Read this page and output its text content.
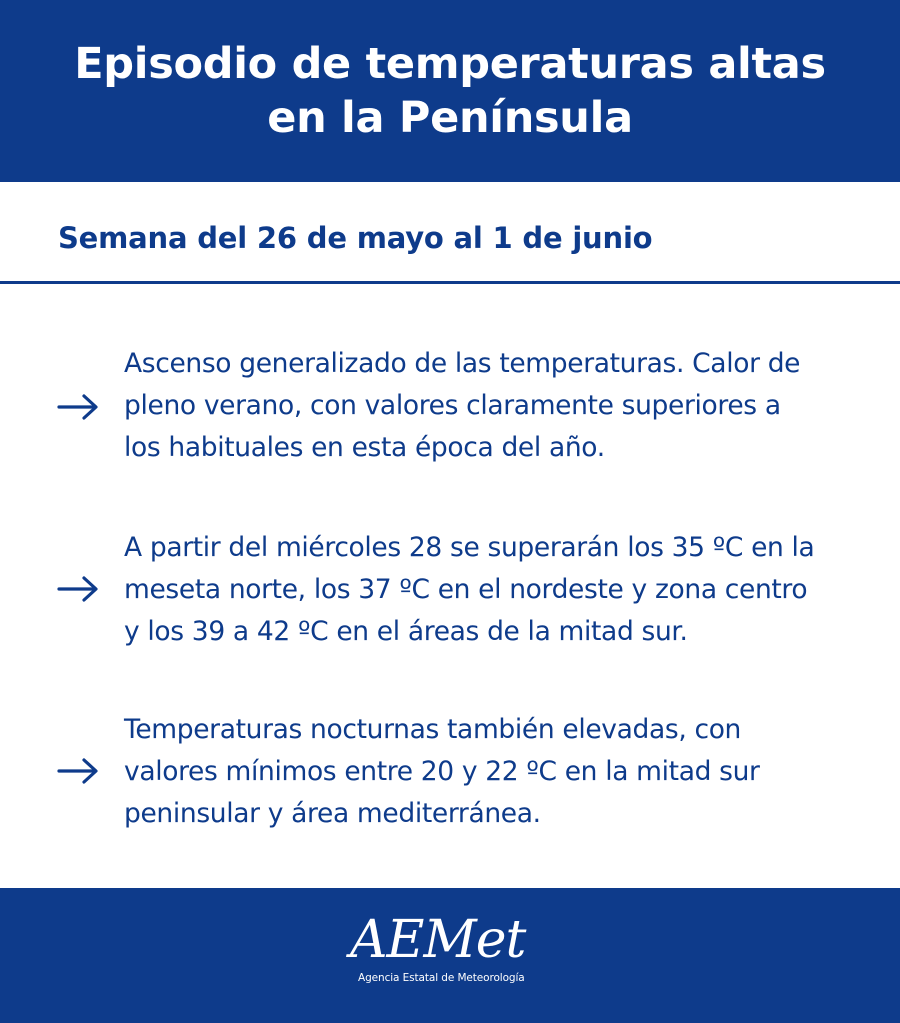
Episodio de temperaturas altas
en la Península
Semana del 26 de mayo al 1 de junio

Ascenso generalizado de las temperaturas. Calor de
pleno verano, con valores claramente superiores a
los habituales en esta época del año.

A partir del miércoles 28 se superarán los 35 ºC en la
meseta norte, los 37 ºC en el nordeste y zona centro
y los 39 a 42 ºC en el áreas de la mitad sur.

Temperaturas nocturnas también elevadas, con
valores mínimos entre 20 y 22 ºC en la mitad sur
peninsular y área mediterránea.

AEMet
Agencia Estatal de Meteorología
